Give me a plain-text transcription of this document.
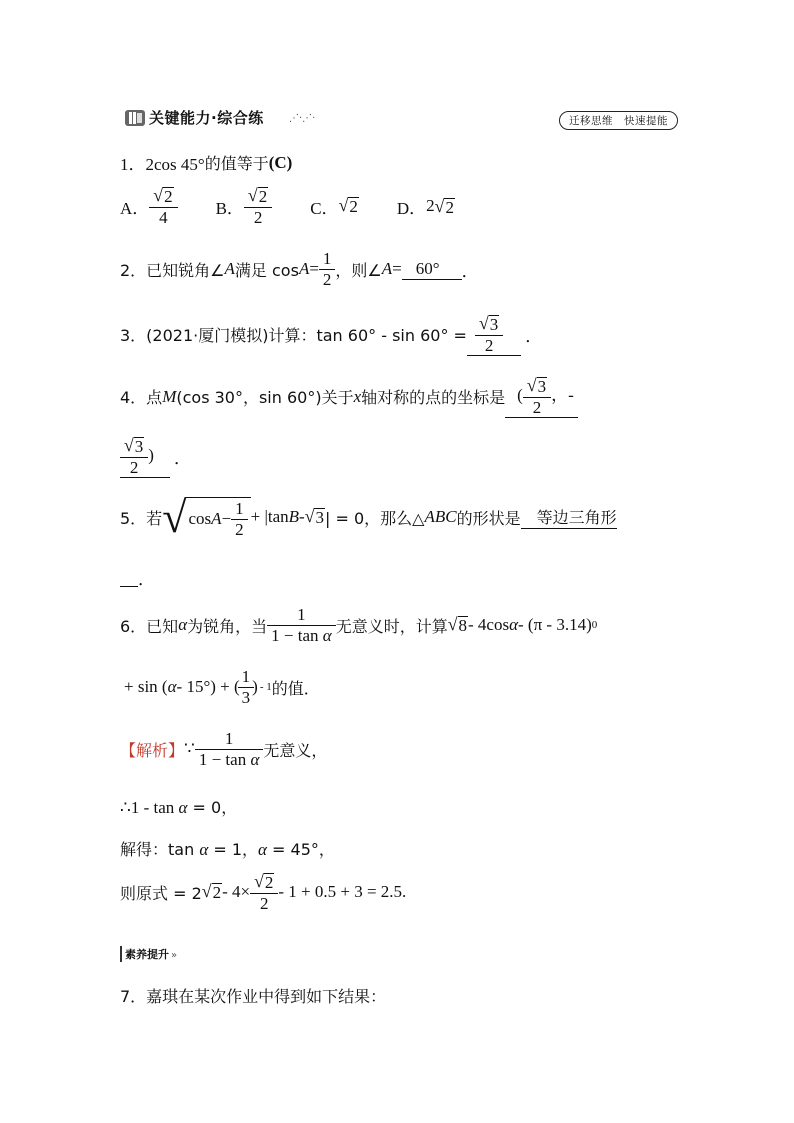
关键能力·综合练	⋰·⋰·	迁移思维　快速提能
1．2cos 45° 的值等于 (C)
A． $\frac{√ 2}{4}$ B． $\frac{√ 2}{2}$ C． √ 2 D． 2 √ 2
2．已知锐角∠ A 满足 $\cos A = \frac{1}{2}$ ，则∠ A = 60°	．
3．(2021·厦门模拟)计算：$\tan 60^\circ - \sin 60^\circ = \frac{√ 3}{2}$ ．
4．点 M (cos 30°，sin 60°)关于 x 轴对称的点的坐标是 ( $\frac{√ 3}{2}$ ，-
$\frac{√ 3}{2}$ )	．
5．若 √ $\cos A - \frac{1}{2} + |\tan$ B - √ 3 | = 0，那么△ ABC 的形状是	等边三角形
．
6．已知 α 为锐角，当 $\frac{1}{\text{1 − tan α}}$ 无意义时，计算 √ 8 - 4cos α - (π - 3.14) 0
+ sin ( α - 15°) + ( $\frac{1}{3}$ ) - 1 的值．
【解析】 ∵ $\frac{1}{\text{1 − tan α}}$ 无意义，
∴1 - tan α = 0，
解得：tan α = 1，α = 45°，
则原式 = 2 √ $2 - 4\times \frac{√ 2}{2} - 1 + 0.5 + 3 = 2.5$.
素养提升 »
7．嘉琪在某次作业中得到如下结果：
